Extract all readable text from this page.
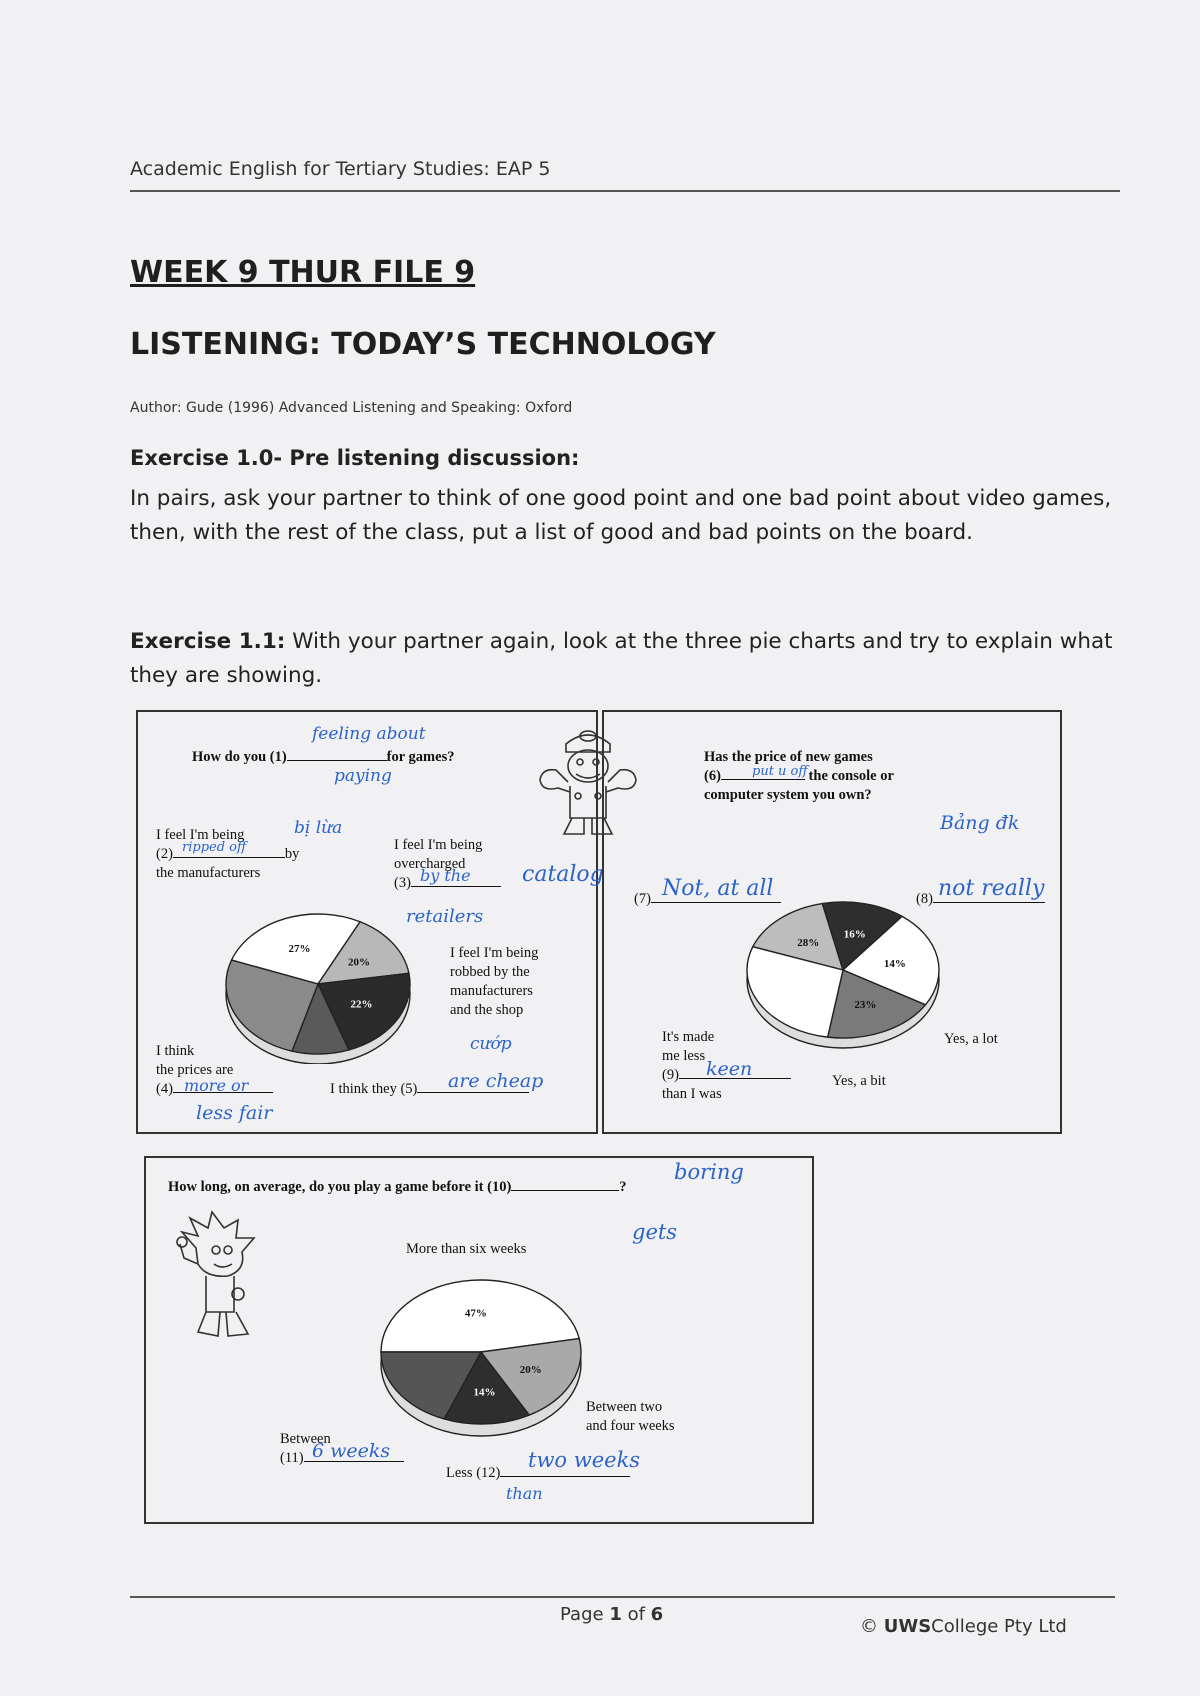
Academic English for Tertiary Studies: EAP 5
WEEK 9 THUR FILE 9
LISTENING: TODAY’S TECHNOLOGY
Author: Gude (1996) Advanced Listening and Speaking: Oxford
Exercise 1.0- Pre listening discussion:
In pairs, ask your partner to think of one good point and one bad point about video games, then, with the rest of the class, put a list of good and bad points on the board.
Exercise 1.1: With your partner again, look at the three pie charts and try to explain what they are showing.
How do you (1)	for games?
feeling about
paying
I feel I'm being
(2)	by
the manufacturers
ripped off
bị lừa
I feel I'm being
overcharged
(3) by the
retailers
catalog
27%
20%
22%
I feel I'm being
robbed by the
manufacturers
and the shop
cướp
I think
the prices are
(4) more or
less fair
I think they (5)	are cheap
Has the price of new games
(6)	the console or
computer system you own?
put u off
Bảng đk
(7) Not, at all	(8) not really
28%
16%
14%
23%
It's made
me less
(9)
than I was
keen
Yes, a bit
Yes, a lot
How long, on average, do you play a game before it (10)	?
boring
gets
More than six weeks
47%
20%
14%
Between two
and four weeks
Between
(11) 6 weeks
Less (12)
two weeks
than
Page 1 of 6
© UWSCollege Pty Ltd
